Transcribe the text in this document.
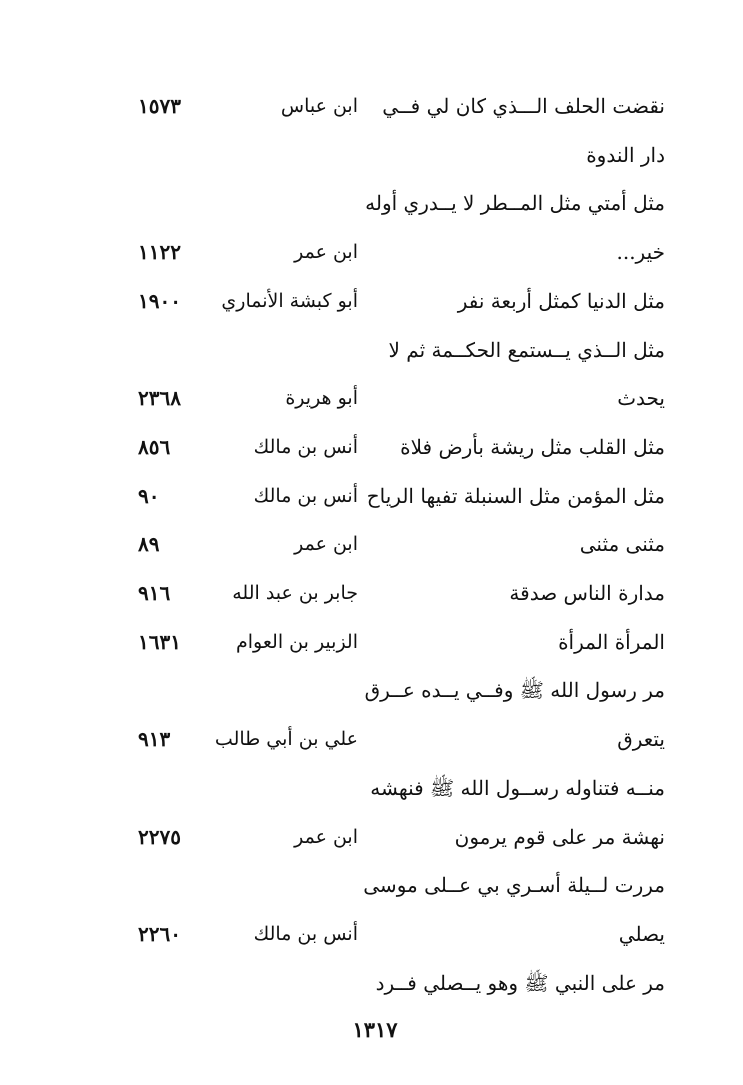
نقضت الحلف الـــذي كان لي فــي
ابن عباس
١٥٧٣
دار الندوة
مثل أمتي مثل المــطر لا يــدري أوله
خير...
ابن عمر
١١٢٢
مثل الدنيا كمثل أربعة نفر
أبو كبشة الأنماري
١٩٠٠
مثل الــذي يــستمع الحكــمة ثم لا
يحدث
أبو هريرة
٢٣٦٨
مثل القلب مثل ريشة بأرض فلاة
أنس بن مالك
٨٥٦
مثل المؤمن مثل السنبلة تفيها الرياح
أنس بن مالك
٩٠
مثنى مثنى
ابن عمر
٨٩
مدارة الناس صدقة
جابر بن عبد الله
٩١٦
المرأة المرأة
الزبير بن العوام
١٦٣١
مر رسول الله ﷺ وفــي يــده عــرق
يتعرق
علي بن أبي طالب
٩١٣
منــه فتناوله رســول الله ﷺ فنهشه
نهشة مر على قوم يرمون
ابن عمر
٢٢٧٥
مررت لــيلة أسـري بي عــلى موسى
يصلي
أنس بن مالك
٢٢٦٠
مر على النبي ﷺ وهو يــصلي فــرد
١٣١٧
